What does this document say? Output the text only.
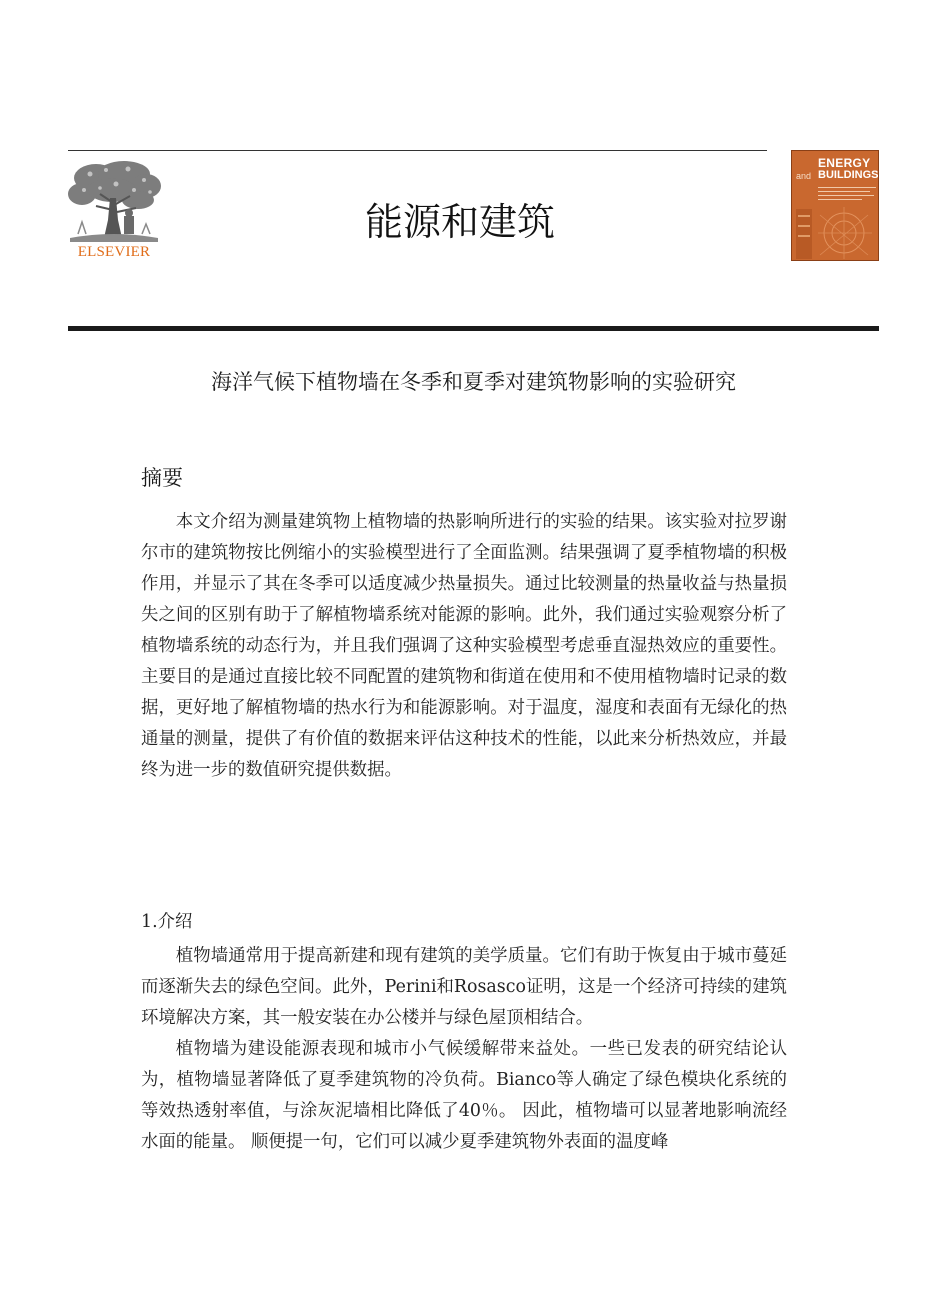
ELSEVIER
能源和建筑
ENERGY
and BUILDINGS
海洋气候下植物墙在冬季和夏季对建筑物影响的实验研究
摘要

本文介绍为测量建筑物上植物墙的热影响所进行的实验的结果。该实验对拉罗谢尔市的建筑物按比例缩小的实验模型进行了全面监测。结果强调了夏季植物墙的积极作用，并显示了其在冬季可以适度减少热量损失。通过比较测量的热量收益与热量损失之间的区别有助于了解植物墙系统对能源的影响。此外，我们通过实验观察分析了植物墙系统的动态行为，并且我们强调了这种实验模型考虑垂直湿热效应的重要性。主要目的是通过直接比较不同配置的建筑物和街道在使用和不使用植物墙时记录的数据，更好地了解植物墙的热水行为和能源影响。对于温度，湿度和表面有无绿化的热通量的测量，提供了有价值的数据来评估这种技术的性能，以此来分析热效应，并最终为进一步的数值研究提供数据。

1.介绍

植物墙通常用于提高新建和现有建筑的美学质量。它们有助于恢复由于城市蔓延而逐渐失去的绿色空间。此外，Perini和Rosasco证明，这是一个经济可持续的建筑环境解决方案，其一般安装在办公楼并与绿色屋顶相结合。

植物墙为建设能源表现和城市小气候缓解带来益处。一些已发表的研究结论认为，植物墙显著降低了夏季建筑物的冷负荷。Bianco等人确定了绿色模块化系统的等效热透射率值，与涂灰泥墙相比降低了40％。 因此，植物墙可以显著地影响流经水面的能量。 顺便提一句，它们可以减少夏季建筑物外表面的温度峰
